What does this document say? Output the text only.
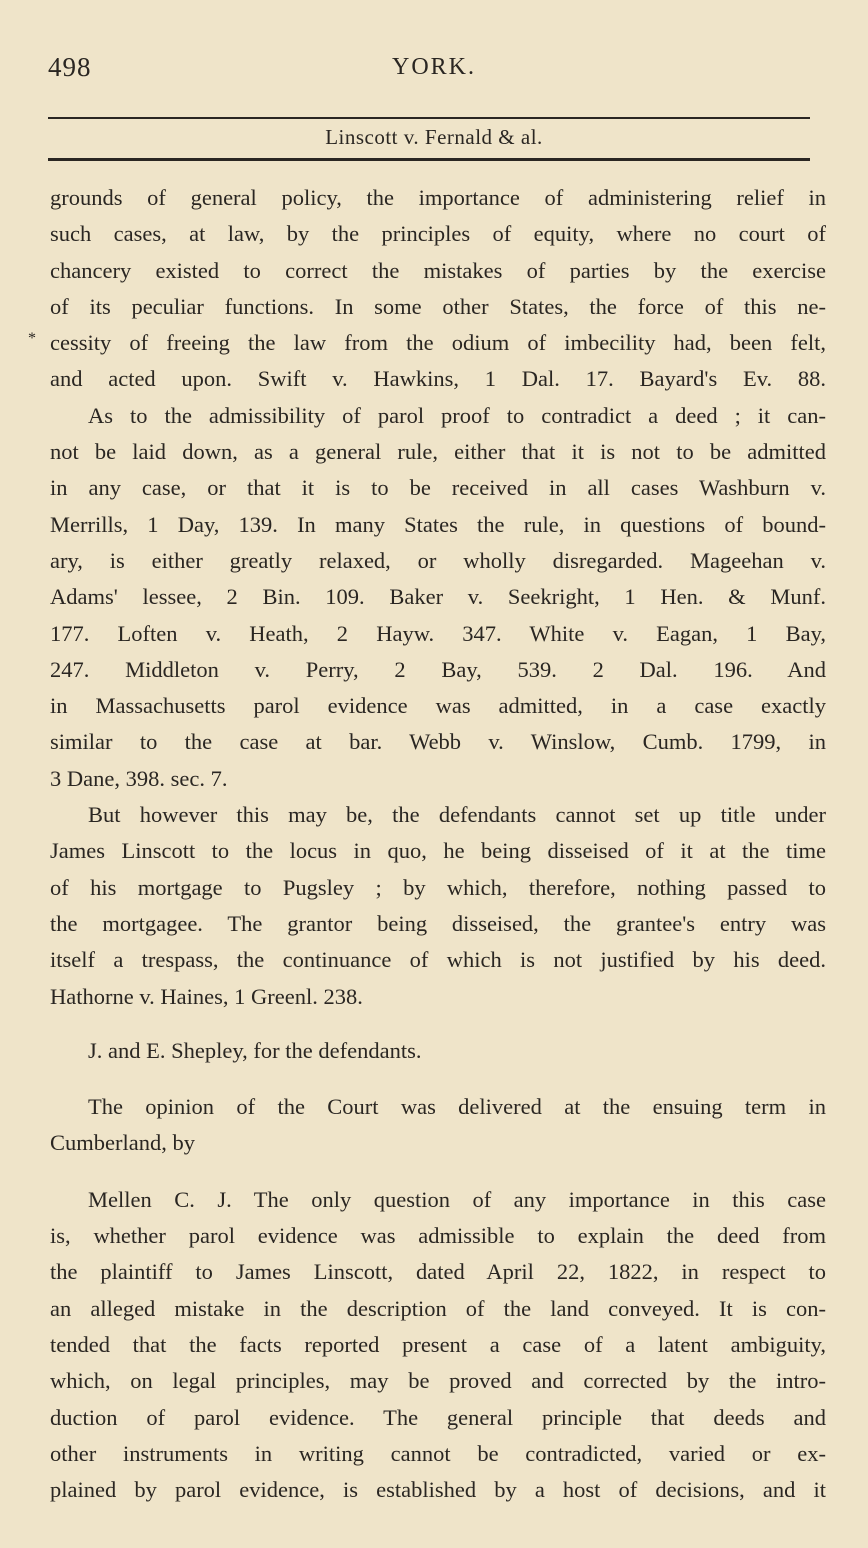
498	YORK.
Linscott v. Fernald & al.
*
grounds of general policy, the importance of administering relief in
such cases, at law, by the principles of equity, where no court of
chancery existed to correct the mistakes of parties by the exercise
of its peculiar functions. In some other States, the force of this ne-
cessity of freeing the law from the odium of imbecility had, been felt,
and acted upon. Swift v. Hawkins, 1 Dal. 17. Bayard's Ev. 88.
As to the admissibility of parol proof to contradict a deed ; it can-
not be laid down, as a general rule, either that it is not to be admitted
in any case, or that it is to be received in all cases Washburn v.
Merrills, 1 Day, 139. In many States the rule, in questions of bound-
ary, is either greatly relaxed, or wholly disregarded. Mageehan v.
Adams' lessee, 2 Bin. 109. Baker v. Seekright, 1 Hen. & Munf.
177. Loften v. Heath, 2 Hayw. 347. White v. Eagan, 1 Bay,
247. Middleton v. Perry, 2 Bay, 539. 2 Dal. 196. And
in Massachusetts parol evidence was admitted, in a case exactly
similar to the case at bar. Webb v. Winslow, Cumb. 1799, in
3 Dane, 398. sec. 7.
But however this may be, the defendants cannot set up title under
James Linscott to the locus in quo, he being disseised of it at the time
of his mortgage to Pugsley ; by which, therefore, nothing passed to
the mortgagee. The grantor being disseised, the grantee's entry was
itself a trespass, the continuance of which is not justified by his deed.
Hathorne v. Haines, 1 Greenl. 238.
J. and E. Shepley, for the defendants.
The opinion of the Court was delivered at the ensuing term in
Cumberland, by
Mellen C. J. The only question of any importance in this case
is, whether parol evidence was admissible to explain the deed from
the plaintiff to James Linscott, dated April 22, 1822, in respect to
an alleged mistake in the description of the land conveyed. It is con-
tended that the facts reported present a case of a latent ambiguity,
which, on legal principles, may be proved and corrected by the intro-
duction of parol evidence. The general principle that deeds and
other instruments in writing cannot be contradicted, varied or ex-
plained by parol evidence, is established by a host of decisions, and it
